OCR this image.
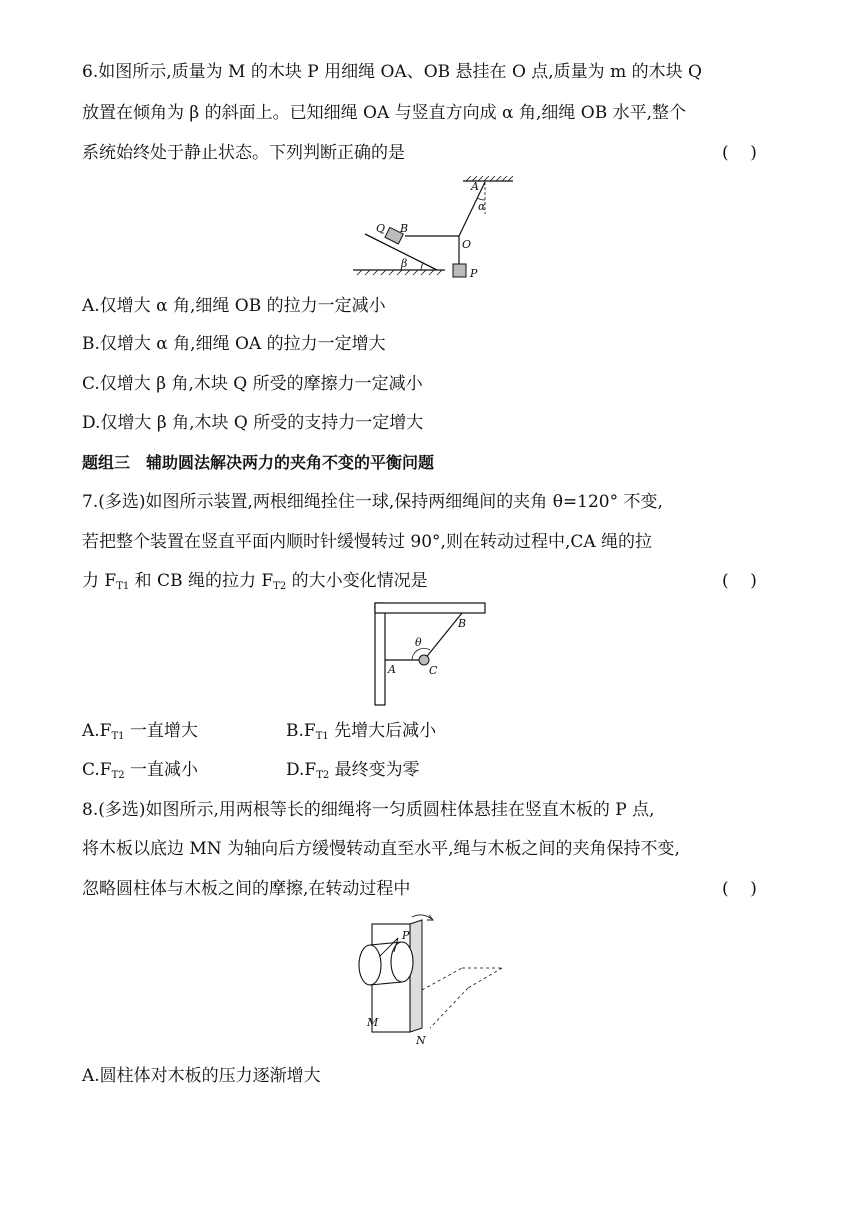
6.如图所示,质量为 M 的木块 P 用细绳 OA、OB 悬挂在 O 点,质量为 m 的木块 Q
放置在倾角为 β 的斜面上。已知细绳 OA 与竖直方向成 α 角,细绳 OB 水平,整个
系统始终处于静止状态。下列判断正确的是	(    )
A
α
Q B
O
β
P
A.仅增大 α 角,细绳 OB 的拉力一定减小
B.仅增大 α 角,细绳 OA 的拉力一定增大
C.仅增大 β 角,木块 Q 所受的摩擦力一定减小
D.仅增大 β 角,木块 Q 所受的支持力一定增大
题组三　辅助圆法解决两力的夹角不变的平衡问题
7.(多选)如图所示装置,两根细绳拴住一球,保持两细绳间的夹角 θ=120° 不变,
若把整个装置在竖直平面内顺时针缓慢转过 90°,则在转动过程中,CA 绳的拉
力 $F_{T1}$ 和 CB 绳的拉力 $F_{T2}$ 的大小变化情况是	(    )
θ
B
A	C
$A.F_{T1}$ 一直增大	$B.F_{T1}$ 先增大后减小
$C.F_{T2}$ 一直减小	$D.F_{T2}$ 最终变为零
8.(多选)如图所示,用两根等长的细绳将一匀质圆柱体悬挂在竖直木板的 P 点,
将木板以底边 MN 为轴向后方缓慢转动直至水平,绳与木板之间的夹角保持不变,
忽略圆柱体与木板之间的摩擦,在转动过程中	(    )
P
M
N
A.圆柱体对木板的压力逐渐增大
